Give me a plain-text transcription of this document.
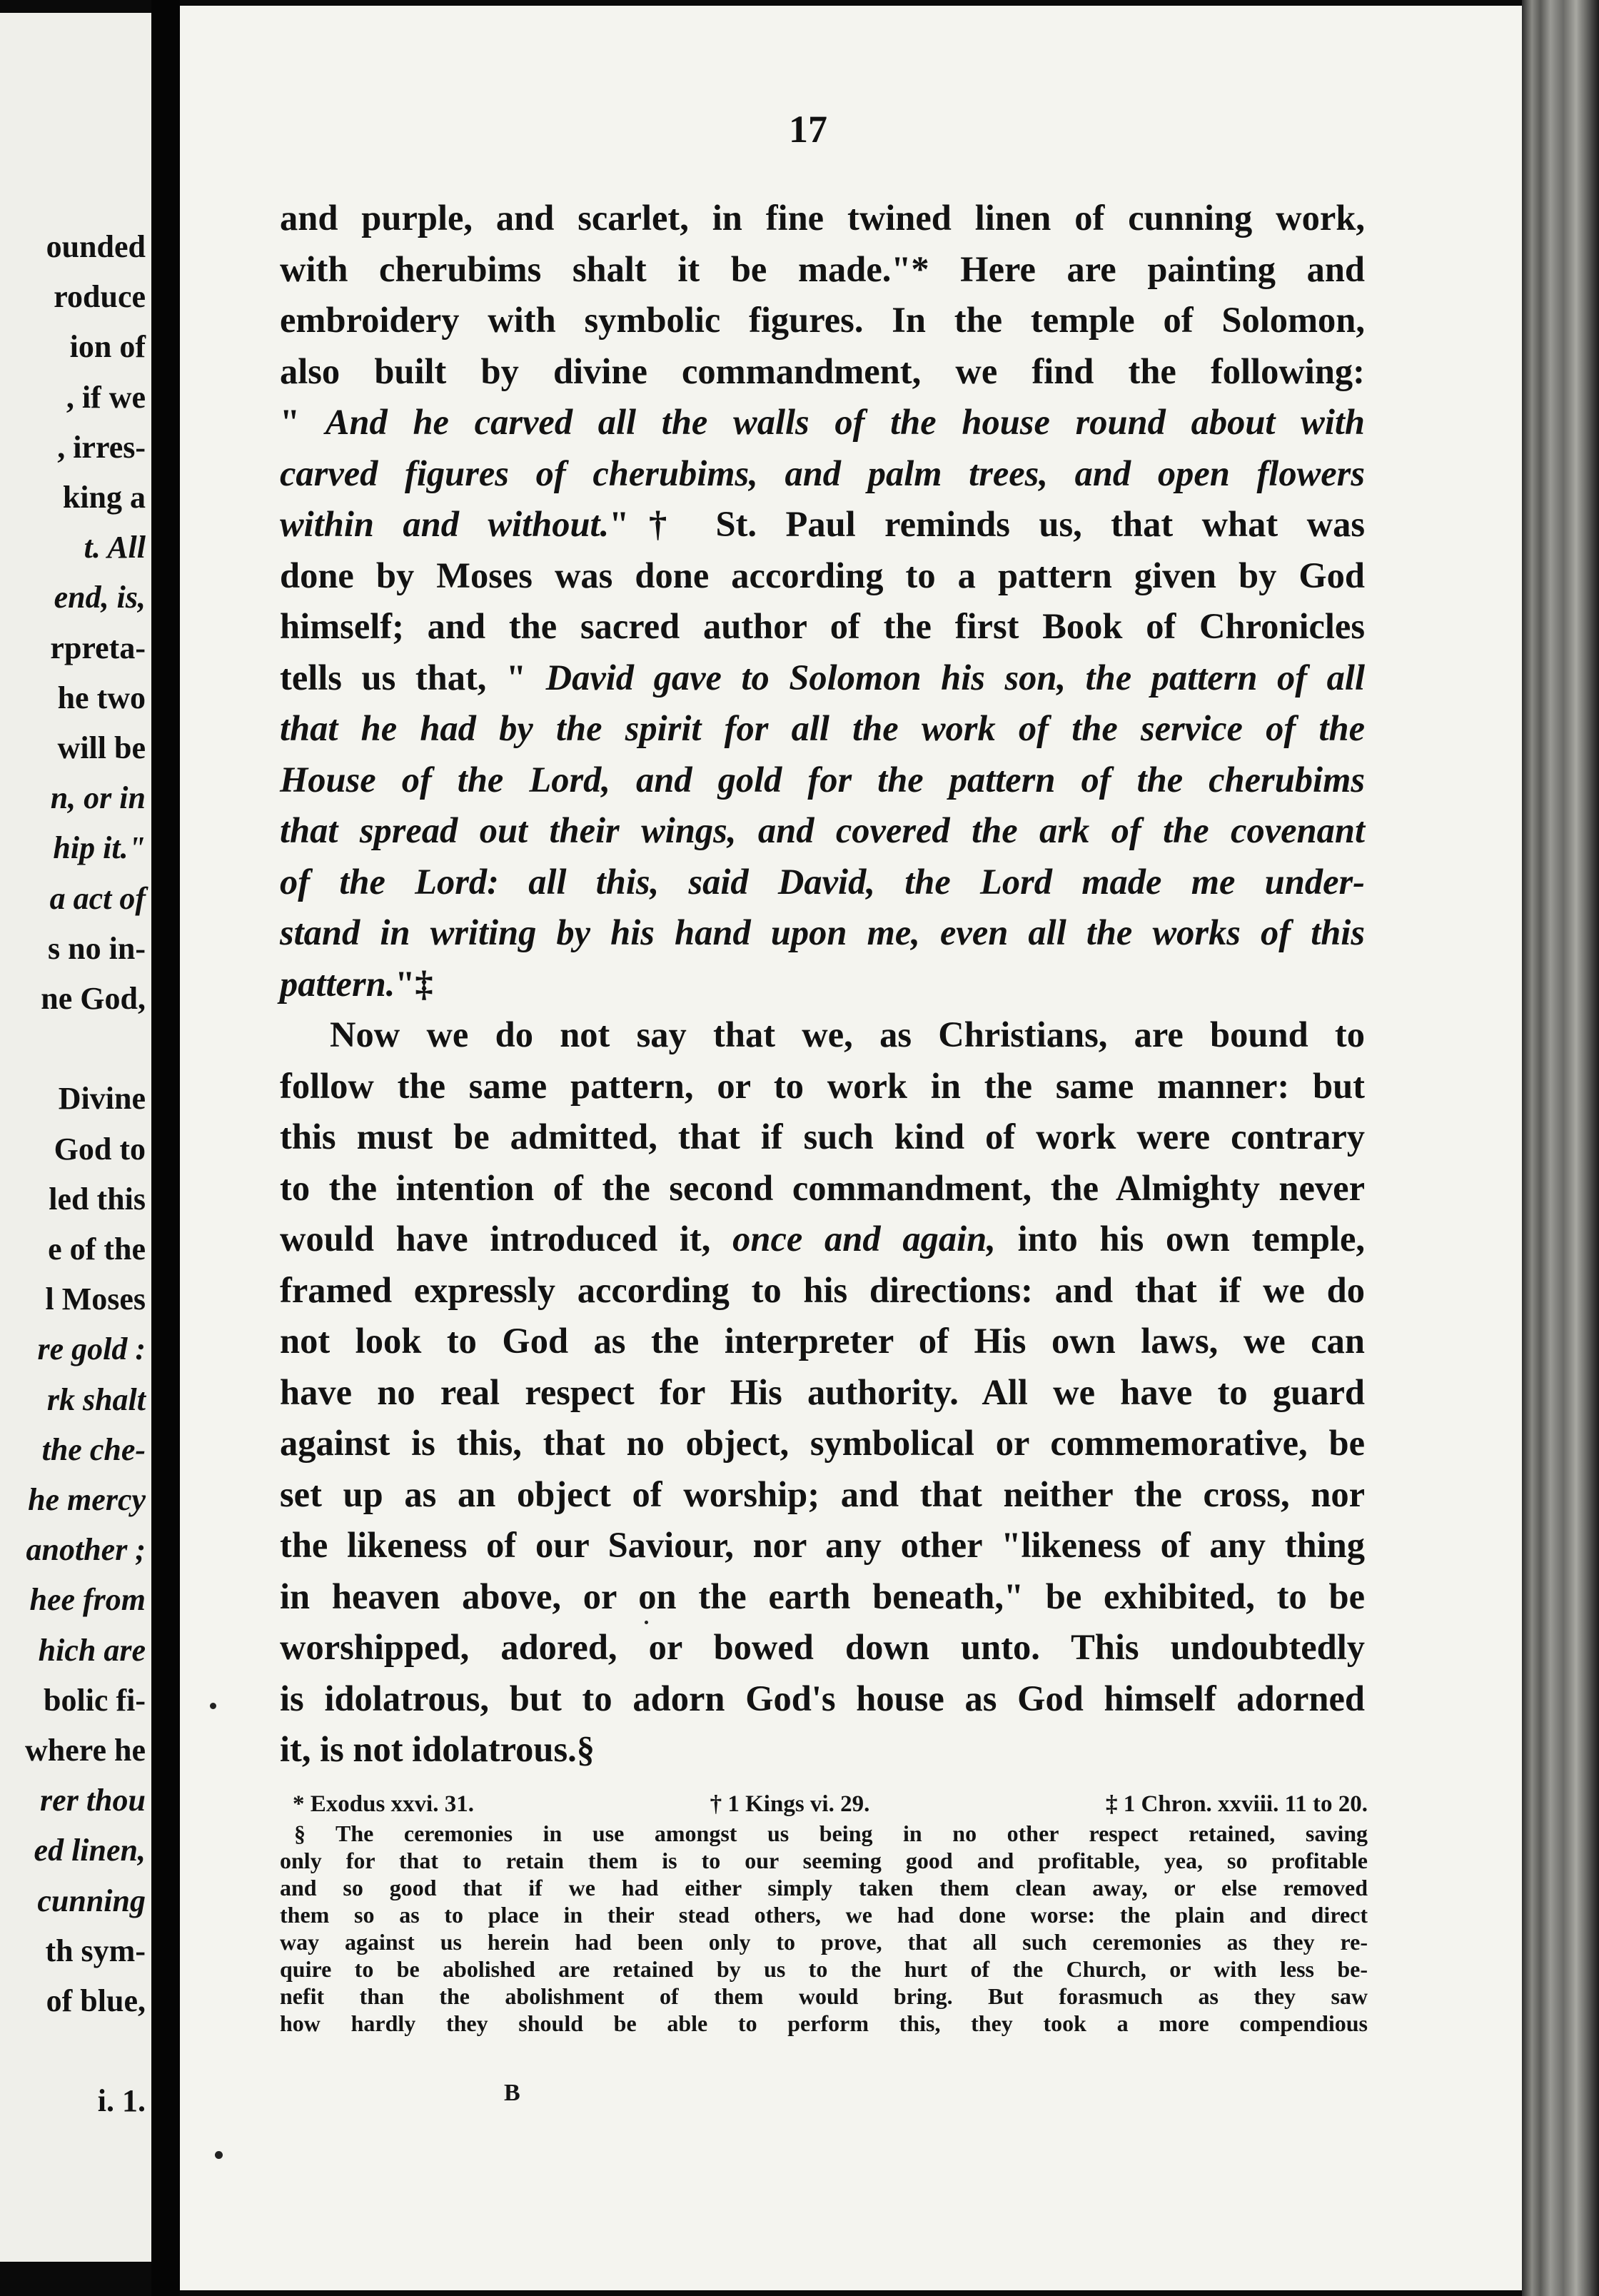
ounded
roduce
ion of
, if we
, irres-
king a
t. All
end, is,
rpreta-
he two
will be
n, or in
hip it."
a act of
s no in-
ne God,
Divine
God to
led this
e of the
l Moses
re gold :
rk shalt
the che-
he mercy
another ;
hee from
hich are
bolic fi-
where he
rer thou
ed linen,
cunning
th sym-
of blue,
i. 1.
17
and purple, and scarlet, in fine twined linen of cunning work,
with cherubims shalt it be made."* Here are painting and
embroidery with symbolic figures. In the temple of Solomon,
also built by divine commandment, we find the following:
" And he carved all the walls of the house round about with
carved figures of cherubims, and palm trees, and open flowers
within and without."† St. Paul reminds us, that what was
done by Moses was done according to a pattern given by God
himself; and the sacred author of the first Book of Chronicles
tells us that, " David gave to Solomon his son, the pattern of all
that he had by the spirit for all the work of the service of the
House of the Lord, and gold for the pattern of the cherubims
that spread out their wings, and covered the ark of the covenant
of the Lord: all this, said David, the Lord made me under-
stand in writing by his hand upon me, even all the works of this
pattern."‡
Now we do not say that we, as Christians, are bound to
follow the same pattern, or to work in the same manner: but
this must be admitted, that if such kind of work were contrary
to the intention of the second commandment, the Almighty never
would have introduced it, once and again, into his own temple,
framed expressly according to his directions: and that if we do
not look to God as the interpreter of His own laws, we can
have no real respect for His authority. All we have to guard
against is this, that no object, symbolical or commemorative, be
set up as an object of worship; and that neither the cross, nor
the likeness of our Saviour, nor any other "likeness of any thing
in heaven above, or on the earth beneath," be exhibited, to be
worshipped, adored, or bowed down unto. This undoubtedly
is idolatrous, but to adorn God's house as God himself adorned
it, is not idolatrous.§
* Exodus xxvi. 31.	† 1 Kings vi. 29.	‡ 1 Chron. xxviii. 11 to 20.
§ The ceremonies in use amongst us being in no other respect retained, saving
only for that to retain them is to our seeming good and profitable, yea, so profitable
and so good that if we had either simply taken them clean away, or else removed
them so as to place in their stead others, we had done worse: the plain and direct
way against us herein had been only to prove, that all such ceremonies as they re-
quire to be abolished are retained by us to the hurt of the Church, or with less be-
nefit than the abolishment of them would bring. But forasmuch as they saw
how hardly they should be able to perform this, they took a more compendious
B
